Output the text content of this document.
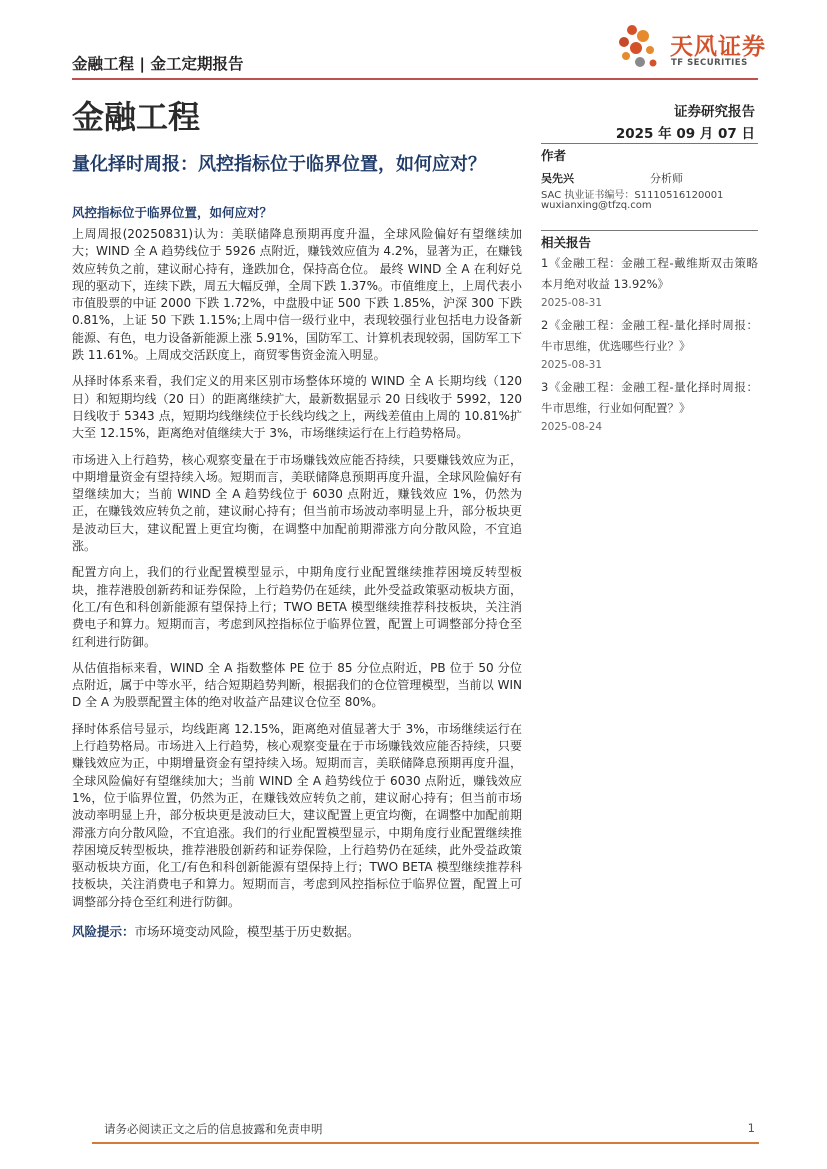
金融工程 | 金工定期报告
天风证券
TF SECURITIES
金融工程	证券研究报告
2025 年 09 月 07 日
量化择时周报：风控指标位于临界位置，如何应对？	作者
吴先兴	分析师
SAC 执业证书编号：S1110516120001
wuxianxing@tfzq.com
相关报告
1《金融工程：金融工程-戴维斯双击策略本月绝对收益 13.92%》
2025-08-31
2《金融工程：金融工程-量化择时周报：牛市思维，优选哪些行业？》
2025-08-31
3《金融工程：金融工程-量化择时周报：牛市思维，行业如何配置？》
2025-08-24
风控指标位于临界位置，如何应对？
上周周报(20250831)认为：美联储降息预期再度升温，全球风险偏好有望继续加大；WIND 全 A 趋势线位于 5926 点附近，赚钱效应值为 4.2%，显著为正，在赚钱效应转负之前，建议耐心持有，逢跌加仓，保持高仓位。 最终 WIND 全 A 在利好兑现的驱动下，连续下跌，周五大幅反弹，全周下跌 1.37%。市值维度上，上周代表小市值股票的中证 2000 下跌 1.72%，中盘股中证 500 下跌 1.85%，沪深 300 下跌 0.81%，上证 50 下跌 1.15%;上周中信一级行业中，表现较强行业包括电力设备新能源、有色，电力设备新能源上涨 5.91%，国防军工、计算机表现较弱，国防军工下跌 11.61%。上周成交活跃度上，商贸零售资金流入明显。
从择时体系来看，我们定义的用来区别市场整体环境的 WIND 全 A 长期均线（120 日）和短期均线（20 日）的距离继续扩大，最新数据显示 20 日线收于 5992，120 日线收于 5343 点，短期均线继续位于长线均线之上，两线差值由上周的 10.81%扩大至 12.15%，距离绝对值继续大于 3%，市场继续运行在上行趋势格局。
市场进入上行趋势，核心观察变量在于市场赚钱效应能否持续，只要赚钱效应为正，中期增量资金有望持续入场。短期而言，美联储降息预期再度升温，全球风险偏好有望继续加大；当前 WIND 全 A 趋势线位于 6030 点附近，赚钱效应 1%，仍然为正，在赚钱效应转负之前，建议耐心持有；但当前市场波动率明显上升，部分板块更是波动巨大，建议配置上更宜均衡，在调整中加配前期滞涨方向分散风险，不宜追涨。
配置方向上，我们的行业配置模型显示，中期角度行业配置继续推荐困境反转型板块，推荐港股创新药和证券保险，上行趋势仍在延续，此外受益政策驱动板块方面，化工/有色和科创新能源有望保持上行；TWO BETA 模型继续推荐科技板块，关注消费电子和算力。短期而言，考虑到风控指标位于临界位置，配置上可调整部分持仓至红利进行防御。
从估值指标来看，WIND 全 A 指数整体 PE 位于 85 分位点附近，PB 位于 50 分位点附近，属于中等水平，结合短期趋势判断，根据我们的仓位管理模型，当前以 WIND 全 A 为股票配置主体的绝对收益产品建议仓位至 80%。
择时体系信号显示，均线距离 12.15%，距离绝对值显著大于 3%，市场继续运行在上行趋势格局。市场进入上行趋势，核心观察变量在于市场赚钱效应能否持续，只要赚钱效应为正，中期增量资金有望持续入场。短期而言，美联储降息预期再度升温，全球风险偏好有望继续加大；当前 WIND 全 A 趋势线位于 6030 点附近，赚钱效应 1%，位于临界位置，仍然为正，在赚钱效应转负之前，建议耐心持有；但当前市场波动率明显上升，部分板块更是波动巨大，建议配置上更宜均衡，在调整中加配前期滞涨方向分散风险，不宜追涨。我们的行业配置模型显示，中期角度行业配置继续推荐困境反转型板块，推荐港股创新药和证券保险，上行趋势仍在延续，此外受益政策驱动板块方面，化工/有色和科创新能源有望保持上行；TWO BETA 模型继续推荐科技板块，关注消费电子和算力。短期而言，考虑到风控指标位于临界位置，配置上可调整部分持仓至红利进行防御。
风险提示：市场环境变动风险，模型基于历史数据。
请务必阅读正文之后的信息披露和免责申明	1
